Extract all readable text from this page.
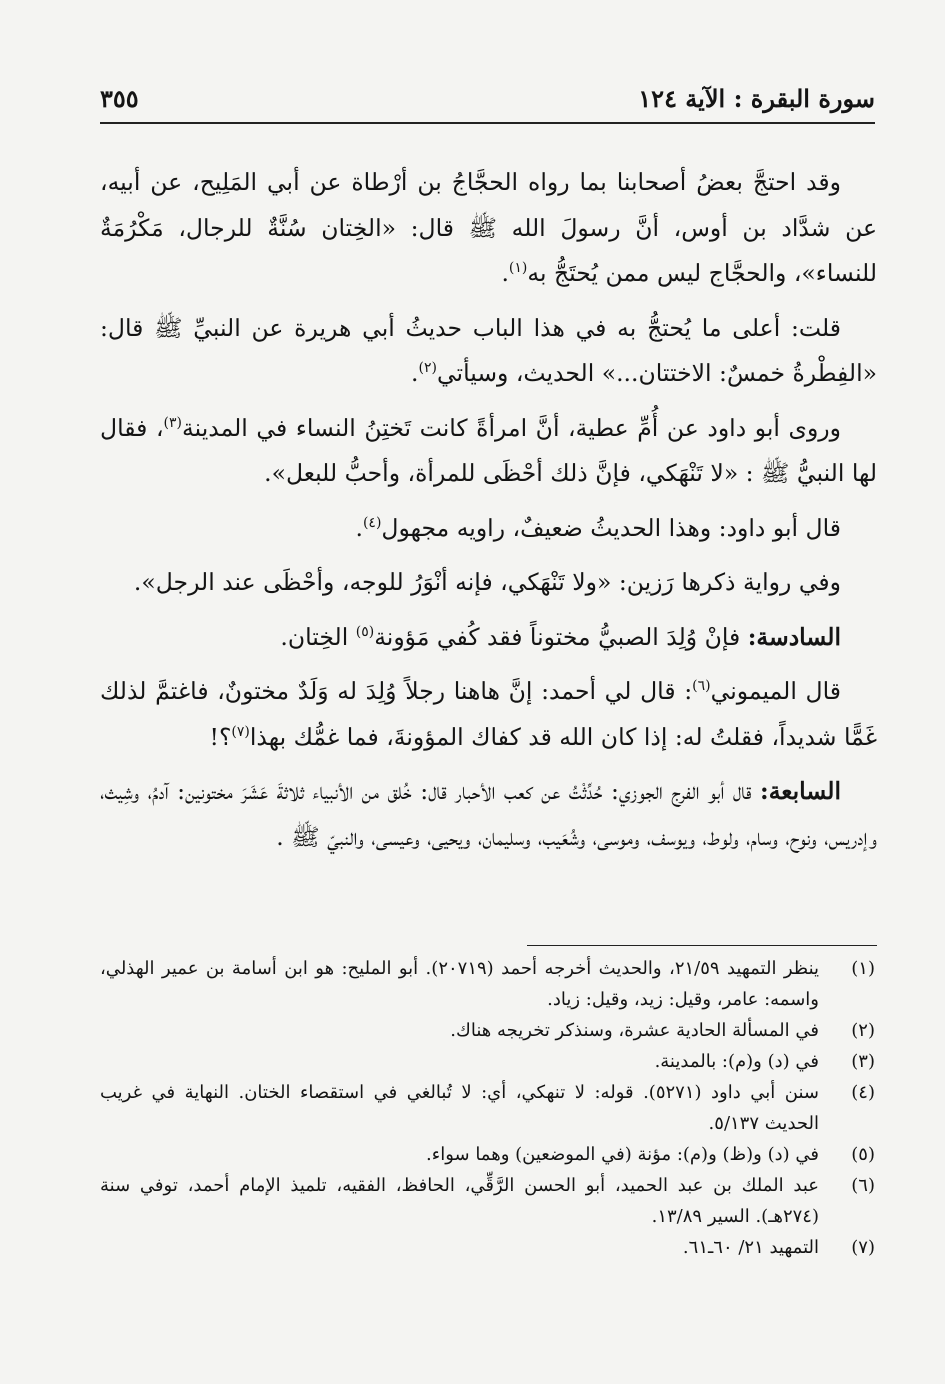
سورة البقرة : الآية ١٢٤
٣٥٥

وقد احتجَّ بعضُ أصحابنا بما رواه الحجَّاجُ بن أرْطاة عن أبي المَلِيح، عن أبيه، عن شدَّاد بن أوس، أنَّ رسولَ الله ﷺ قال: «الخِتان سُنَّةٌ للرجال، مَكْرُمَةٌ للنساء»، والحجَّاج ليس ممن يُحتَجُّ به$^{(١)}$.

قلت: أعلى ما يُحتجُّ به في هذا الباب حديثُ أبي هريرة عن النبيِّ ﷺ قال: «الفِطْرةُ خمسٌ: الاختتان...» الحديث، وسيأتي$^{(٢)}$.

وروى أبو داود عن أُمِّ عطية، أنَّ امرأةً كانت تَختِنُ النساء في المدينة$^{(٣)}$، فقال لها النبيُّ ﷺ : «لا تَنْهَكي، فإنَّ ذلك أحْظَى للمرأة، وأحبُّ للبعل».

قال أبو داود: وهذا الحديثُ ضعيفٌ، راويه مجهول$^{(٤)}$.

وفي رواية ذكرها رَزين: «ولا تَنْهَكي، فإنه أنْوَرُ للوجه، وأحْظَى عند الرجل».

السادسة: فإنْ وُلِدَ الصبيُّ مختوناً فقد كُفي مَؤونة$^{(٥)}$ الخِتان.

قال الميموني$^{(٦)}$: قال لي أحمد: إنَّ هاهنا رجلاً وُلِدَ له وَلَدٌ مختونٌ، فاغتمَّ لذلك غَمًّا شديداً، فقلتُ له: إذا كان الله قد كفاك المؤونةَ، فما غمُّك بهذا$^{(٧)}$؟!

السابعة: قال أبو الفرج الجوزي: حُدِّثْتُ عن كعب الأحبار قال: خُلق من الأنبياء ثلاثةَ عَشَرَ مختونين: آدمُ، وشِيث، وإدريس، ونوح، وسام، ولوط، ويوسف، وموسى، وشُعَيب، وسليمان، ويحيى، وعيسى، والنبيّ ﷺ .

(١)
ينظر التمهيد ٢١/٥٩، والحديث أخرجه أحمد (٢٠٧١٩). أبو المليح: هو ابن أسامة بن عمير الهذلي، واسمه: عامر، وقيل: زيد، وقيل: زياد.

(٢)
في المسألة الحادية عشرة، وسنذكر تخريجه هناك.

(٣)
في (د) و(م): بالمدينة.

(٤)
سنن أبي داود (٥٢٧١). قوله: لا تنهكي، أي: لا تُبالغي في استقصاء الختان. النهاية في غريب الحديث ٥/١٣٧.

(٥)
في (د) و(ظ) و(م): مؤنة (في الموضعين) وهما سواء.

(٦)
عبد الملك بن عبد الحميد، أبو الحسن الرَّقِّي، الحافظ، الفقيه، تلميذ الإمام أحمد، توفي سنة (٢٧٤هـ). السير ١٣/٨٩.

(٧)
التمهيد ٢١/ ٦٠ـ٦١.
